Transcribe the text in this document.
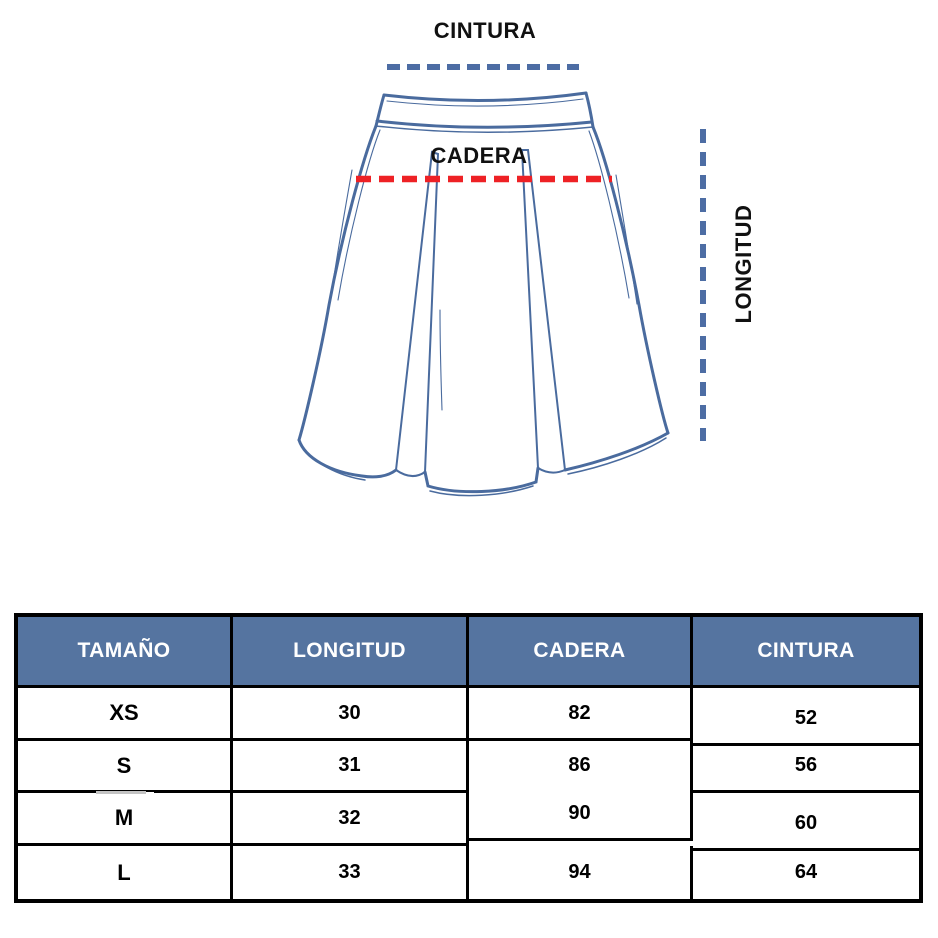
CINTURA
CADERA
LONGITUD
TAMAÑO	LONGITUD	CADERA	CINTURA
XS	30	82	52
S	31	86	56
M	32	90	60
L	33	94	64
